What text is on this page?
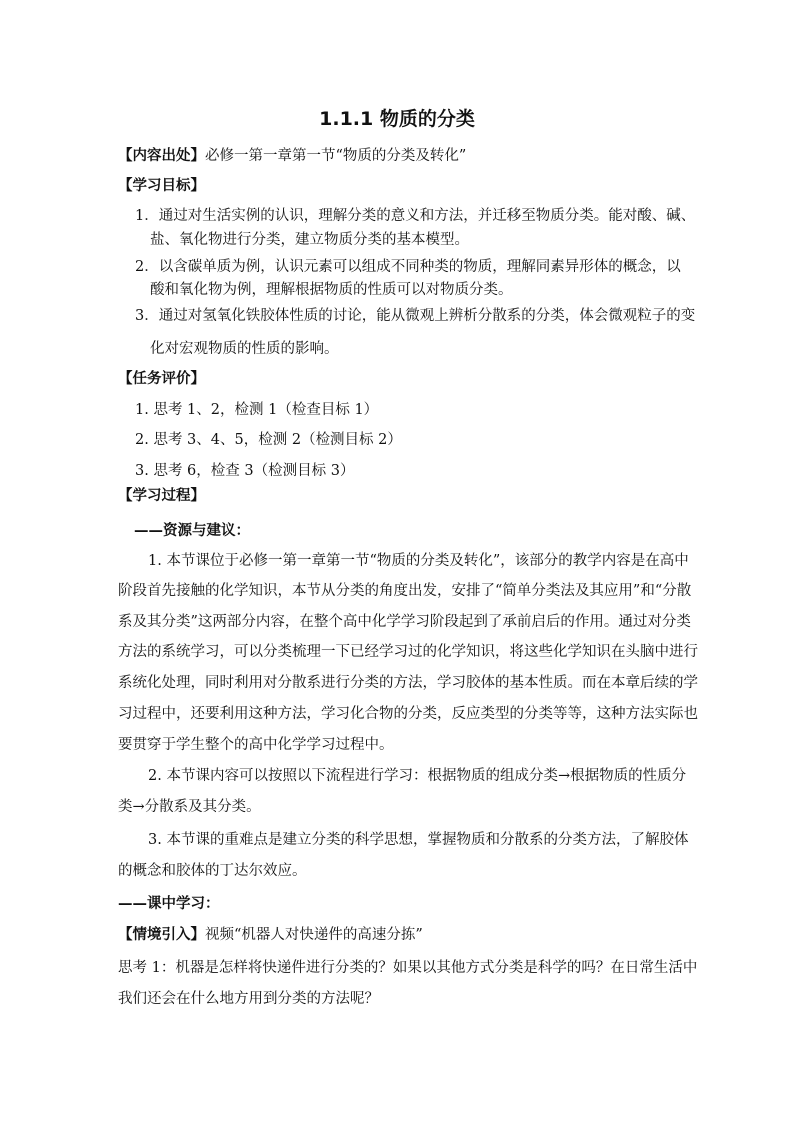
1.1.1 物质的分类
【内容出处】必修一第一章第一节“物质的分类及转化”
【学习目标】
1．通过对生活实例的认识，理解分类的意义和方法，并迁移至物质分类。能对酸、碱、
盐、氧化物进行分类，建立物质分类的基本模型。
2．以含碳单质为例，认识元素可以组成不同种类的物质，理解同素异形体的概念，以
酸和氧化物为例，理解根据物质的性质可以对物质分类。
3．通过对氢氧化铁胶体性质的讨论，能从微观上辨析分散系的分类，体会微观粒子的变
化对宏观物质的性质的影响。
【任务评价】
1. 思考 1、2，检测 1（检查目标 1）
2. 思考 3、4、5，检测 2（检测目标 2）
3. 思考 6，检查 3（检测目标 3）
【学习过程】
——资源与建议：
1. 本节课位于必修一第一章第一节“物质的分类及转化”，该部分的教学内容是在高中
阶段首先接触的化学知识，本节从分类的角度出发，安排了“简单分类法及其应用”和“分散
系及其分类”这两部分内容，在整个高中化学学习阶段起到了承前启后的作用。通过对分类
方法的系统学习，可以分类梳理一下已经学习过的化学知识，将这些化学知识在头脑中进行
系统化处理，同时利用对分散系进行分类的方法，学习胶体的基本性质。而在本章后续的学
习过程中，还要利用这种方法，学习化合物的分类，反应类型的分类等等，这种方法实际也
要贯穿于学生整个的高中化学学习过程中。
2. 本节课内容可以按照以下流程进行学习：根据物质的组成分类→根据物质的性质分
类→分散系及其分类。
3. 本节课的重难点是建立分类的科学思想，掌握物质和分散系的分类方法，了解胶体
的概念和胶体的丁达尔效应。
——课中学习：
【情境引入】视频“机器人对快递件的高速分拣”
思考 1：机器是怎样将快递件进行分类的？如果以其他方式分类是科学的吗？在日常生活中
我们还会在什么地方用到分类的方法呢？
